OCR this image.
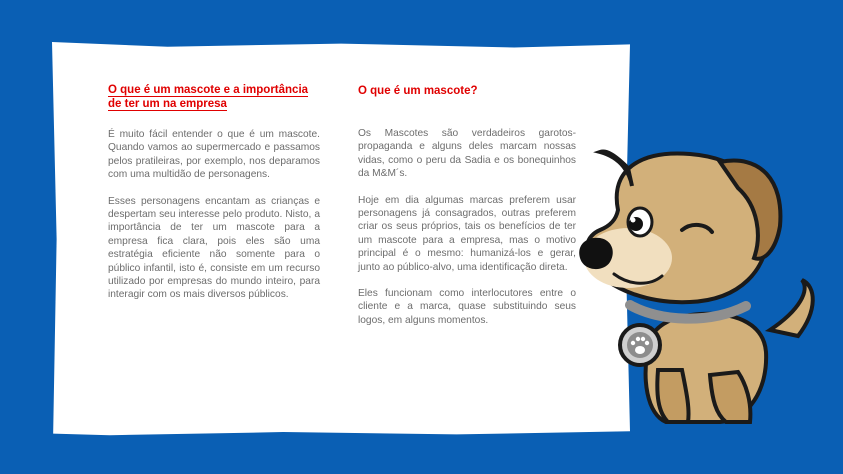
O que é um mascote e a importância de ter um na empresa

É muito fácil entender o que é um mascote. Quando vamos ao supermercado e passamos pelos pratileiras, por exemplo, nos deparamos com uma multidão de personagens.

Esses personagens encantam as crianças e despertam seu interesse pelo produto. Nisto, a importância de ter um mascote para a empresa fica clara, pois eles são uma estratégia eficiente não somente para o público infantil, isto é, consiste em um recurso utilizado por empresas do mundo inteiro, para interagir com os mais diversos públicos.

O que é um mascote?

Os Mascotes são verdadeiros garotos-propaganda e alguns deles marcam nossas vidas, como o peru da Sadia e os bonequinhos da M&M´s.

Hoje em dia algumas marcas preferem usar personagens já consagrados, outras preferem criar os seus próprios, tais os benefícios de ter um mascote para a empresa, mas o motivo principal é o mesmo: humanizá-los e gerar, junto ao público-alvo, uma identificação direta.

Eles funcionam como interlocutores entre o cliente e a marca, quase substituindo seus logos, em alguns momentos.
